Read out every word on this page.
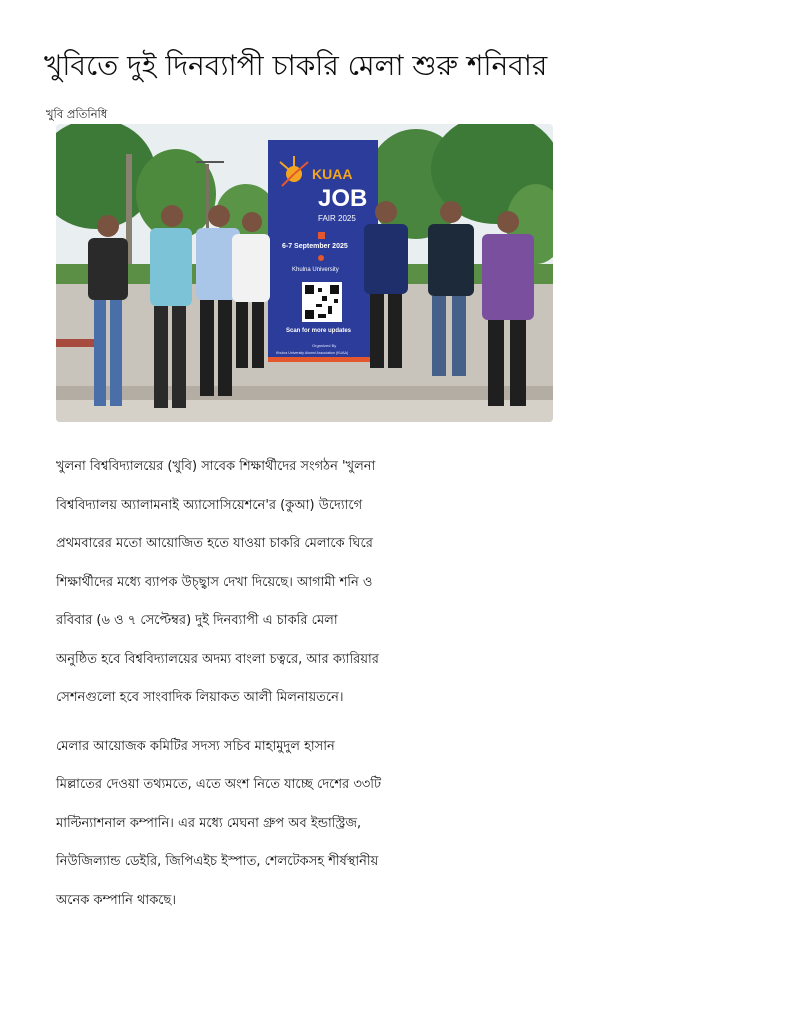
খুবিতে দুই দিনব্যাপী চাকরি মেলা শুরু শনিবার
খুবি প্রতিনিধি
KUAA
JOB
FAIR 2025
6-7 September 2025
Khulna University
Scan for more updates
Organized By
Khulna University Alumni Association (KUAA)
খুলনা বিশ্ববিদ্যালয়ের (খুবি) সাবেক শিক্ষার্থীদের সংগঠন 'খুলনা
বিশ্ববিদ্যালয় অ্যালামনাই অ্যাসোসিয়েশনে'র (কুআ) উদ্যোগে
প্রথমবারের মতো আয়োজিত হতে যাওয়া চাকরি মেলাকে ঘিরে
শিক্ষার্থীদের মধ্যে ব্যাপক উচ্ছ্বাস দেখা দিয়েছে। আগামী শনি ও
রবিবার (৬ ও ৭ সেপ্টেম্বর) দুই দিনব্যাপী এ চাকরি মেলা
অনুষ্ঠিত হবে বিশ্ববিদ্যালয়ের অদম্য বাংলা চত্বরে, আর ক্যারিয়ার
সেশনগুলো হবে সাংবাদিক লিয়াকত আলী মিলনায়তনে।
মেলার আয়োজক কমিটির সদস্য সচিব মাহামুদুল হাসান
মিল্লাতের দেওয়া তথ্যমতে, এতে অংশ নিতে যাচ্ছে দেশের ৩৩টি
মাল্টিন্যাশনাল কম্পানি। এর মধ্যে মেঘনা গ্রুপ অব ইন্ডাস্ট্রিজ,
নিউজিল্যান্ড ডেইরি, জিপিএইচ ইস্পাত, শেলটেকসহ শীর্ষস্থানীয়
অনেক কম্পানি থাকছে।
